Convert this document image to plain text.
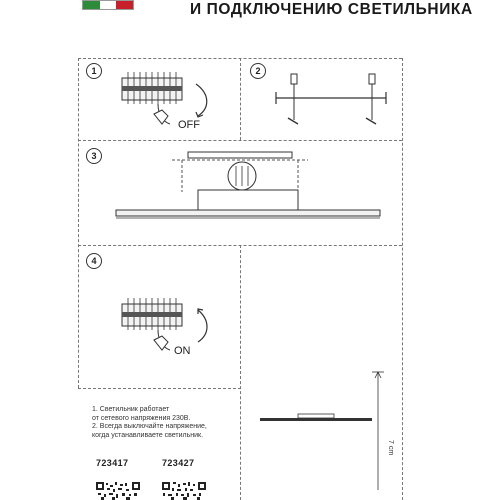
И ПОДКЛЮЧЕНИЮ СВЕТИЛЬНИКА
1	2
3
4
OFF
ON
7 cm
1. Светильник работает
от сетевого напряжения 230В.
2. Всегда выключайте напряжение,
когда устанавливаете светильник.
723417	723427
